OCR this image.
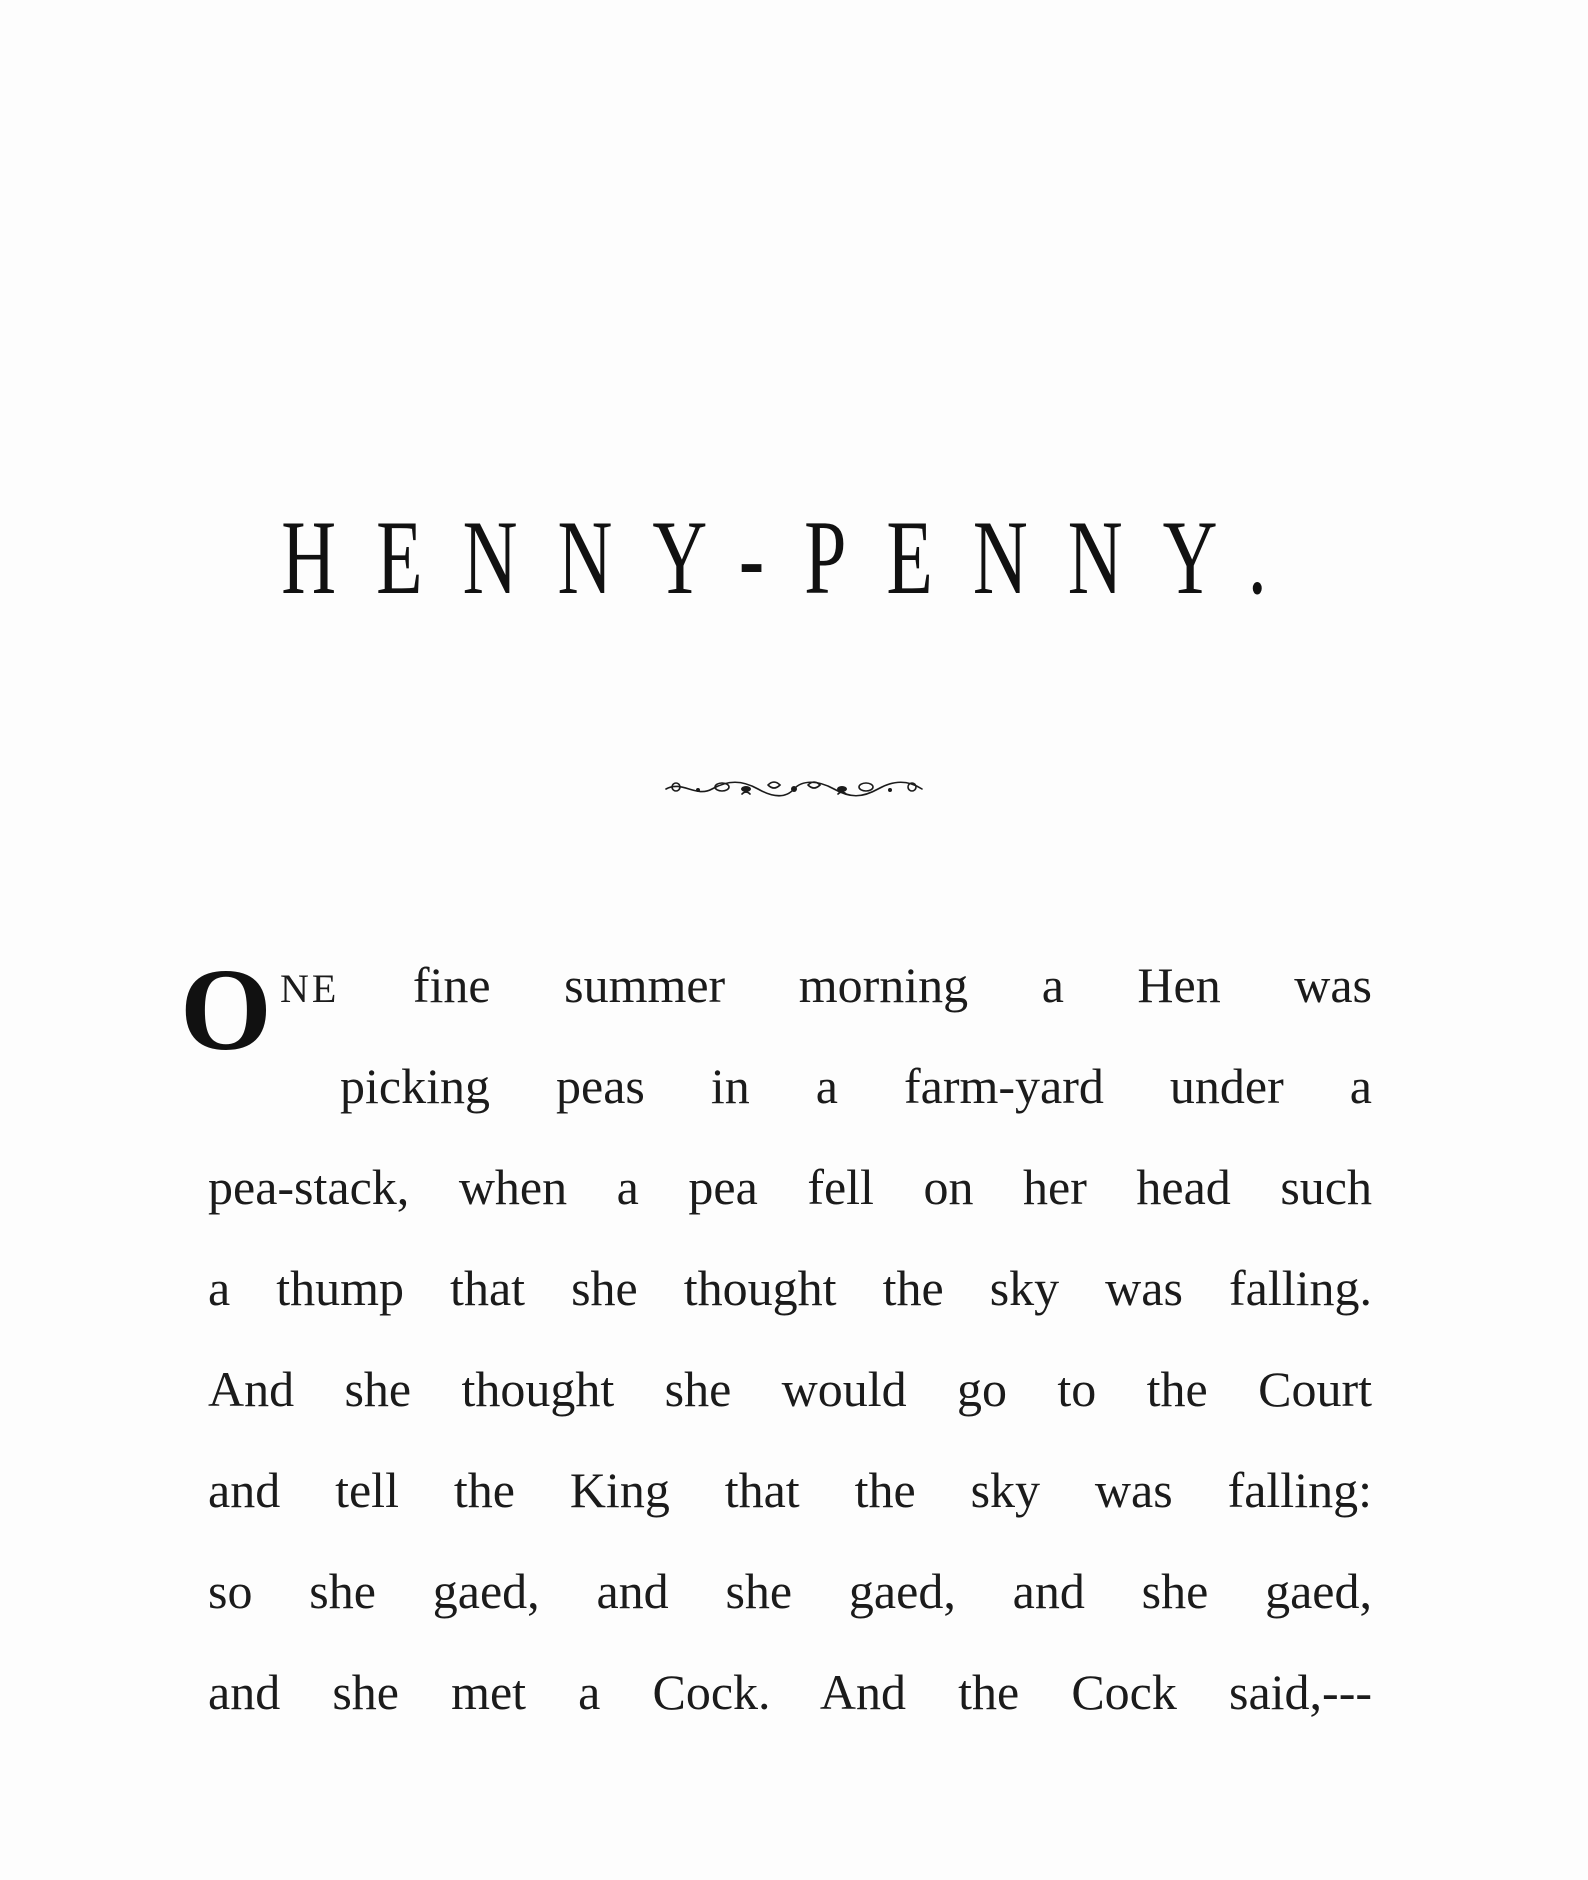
HENNY-PENNY.
O NE fine summer morning a Hen was
picking peas in a farm-yard under a
pea-stack, when a pea fell on her head such
a thump that she thought the sky was falling.
And she thought she would go to the Court
and tell the King that the sky was falling:
so she gaed, and she gaed, and she gaed,
and she met a Cock. And the Cock said,---
